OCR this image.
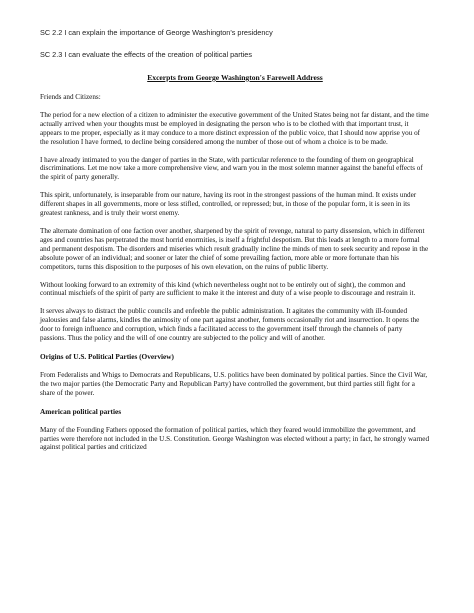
SC 2.2 I can explain the importance of George Washington's presidency

SC 2.3 I can evaluate the effects of the creation of political parties

Excerpts from George Washington's Farewell Address

Friends and Citizens:

The period for a new election of a citizen to administer the executive government of the United States being not far distant, and the time actually arrived when your thoughts must be employed in designating the person who is to be clothed with that important trust, it appears to me proper, especially as it may conduce to a more distinct expression of the public voice, that I should now apprise you of the resolution I have formed, to decline being considered among the number of those out of whom a choice is to be made.

I have already intimated to you the danger of parties in the State, with particular reference to the founding of them on geographical discriminations. Let me now take a more comprehensive view, and warn you in the most solemn manner against the baneful effects of the spirit of party generally.

This spirit, unfortunately, is inseparable from our nature, having its root in the strongest passions of the human mind. It exists under different shapes in all governments, more or less stifled, controlled, or repressed; but, in those of the popular form, it is seen in its greatest rankness, and is truly their worst enemy.

The alternate domination of one faction over another, sharpened by the spirit of revenge, natural to party dissension, which in different ages and countries has perpetrated the most horrid enormities, is itself a frightful despotism. But this leads at length to a more formal and permanent despotism. The disorders and miseries which result gradually incline the minds of men to seek security and repose in the absolute power of an individual; and sooner or later the chief of some prevailing faction, more able or more fortunate than his competitors, turns this disposition to the purposes of his own elevation, on the ruins of public liberty.

Without looking forward to an extremity of this kind (which nevertheless ought not to be entirely out of sight), the common and continual mischiefs of the spirit of party are sufficient to make it the interest and duty of a wise people to discourage and restrain it.

It serves always to distract the public councils and enfeeble the public administration. It agitates the community with ill-founded jealousies and false alarms, kindles the animosity of one part against another, foments occasionally riot and insurrection. It opens the door to foreign influence and corruption, which finds a facilitated access to the government itself through the channels of party passions. Thus the policy and the will of one country are subjected to the policy and will of another.

Origins of U.S. Political Parties (Overview)

From Federalists and Whigs to Democrats and Republicans, U.S. politics have been dominated by political parties. Since the Civil War, the two major parties (the Democratic Party and Republican Party) have controlled the government, but third parties still fight for a share of the power.

American political parties

Many of the Founding Fathers opposed the formation of political parties, which they feared would immobilize the government, and parties were therefore not included in the U.S. Constitution. George Washington was elected without a party; in fact, he strongly warned against political parties and criticized
